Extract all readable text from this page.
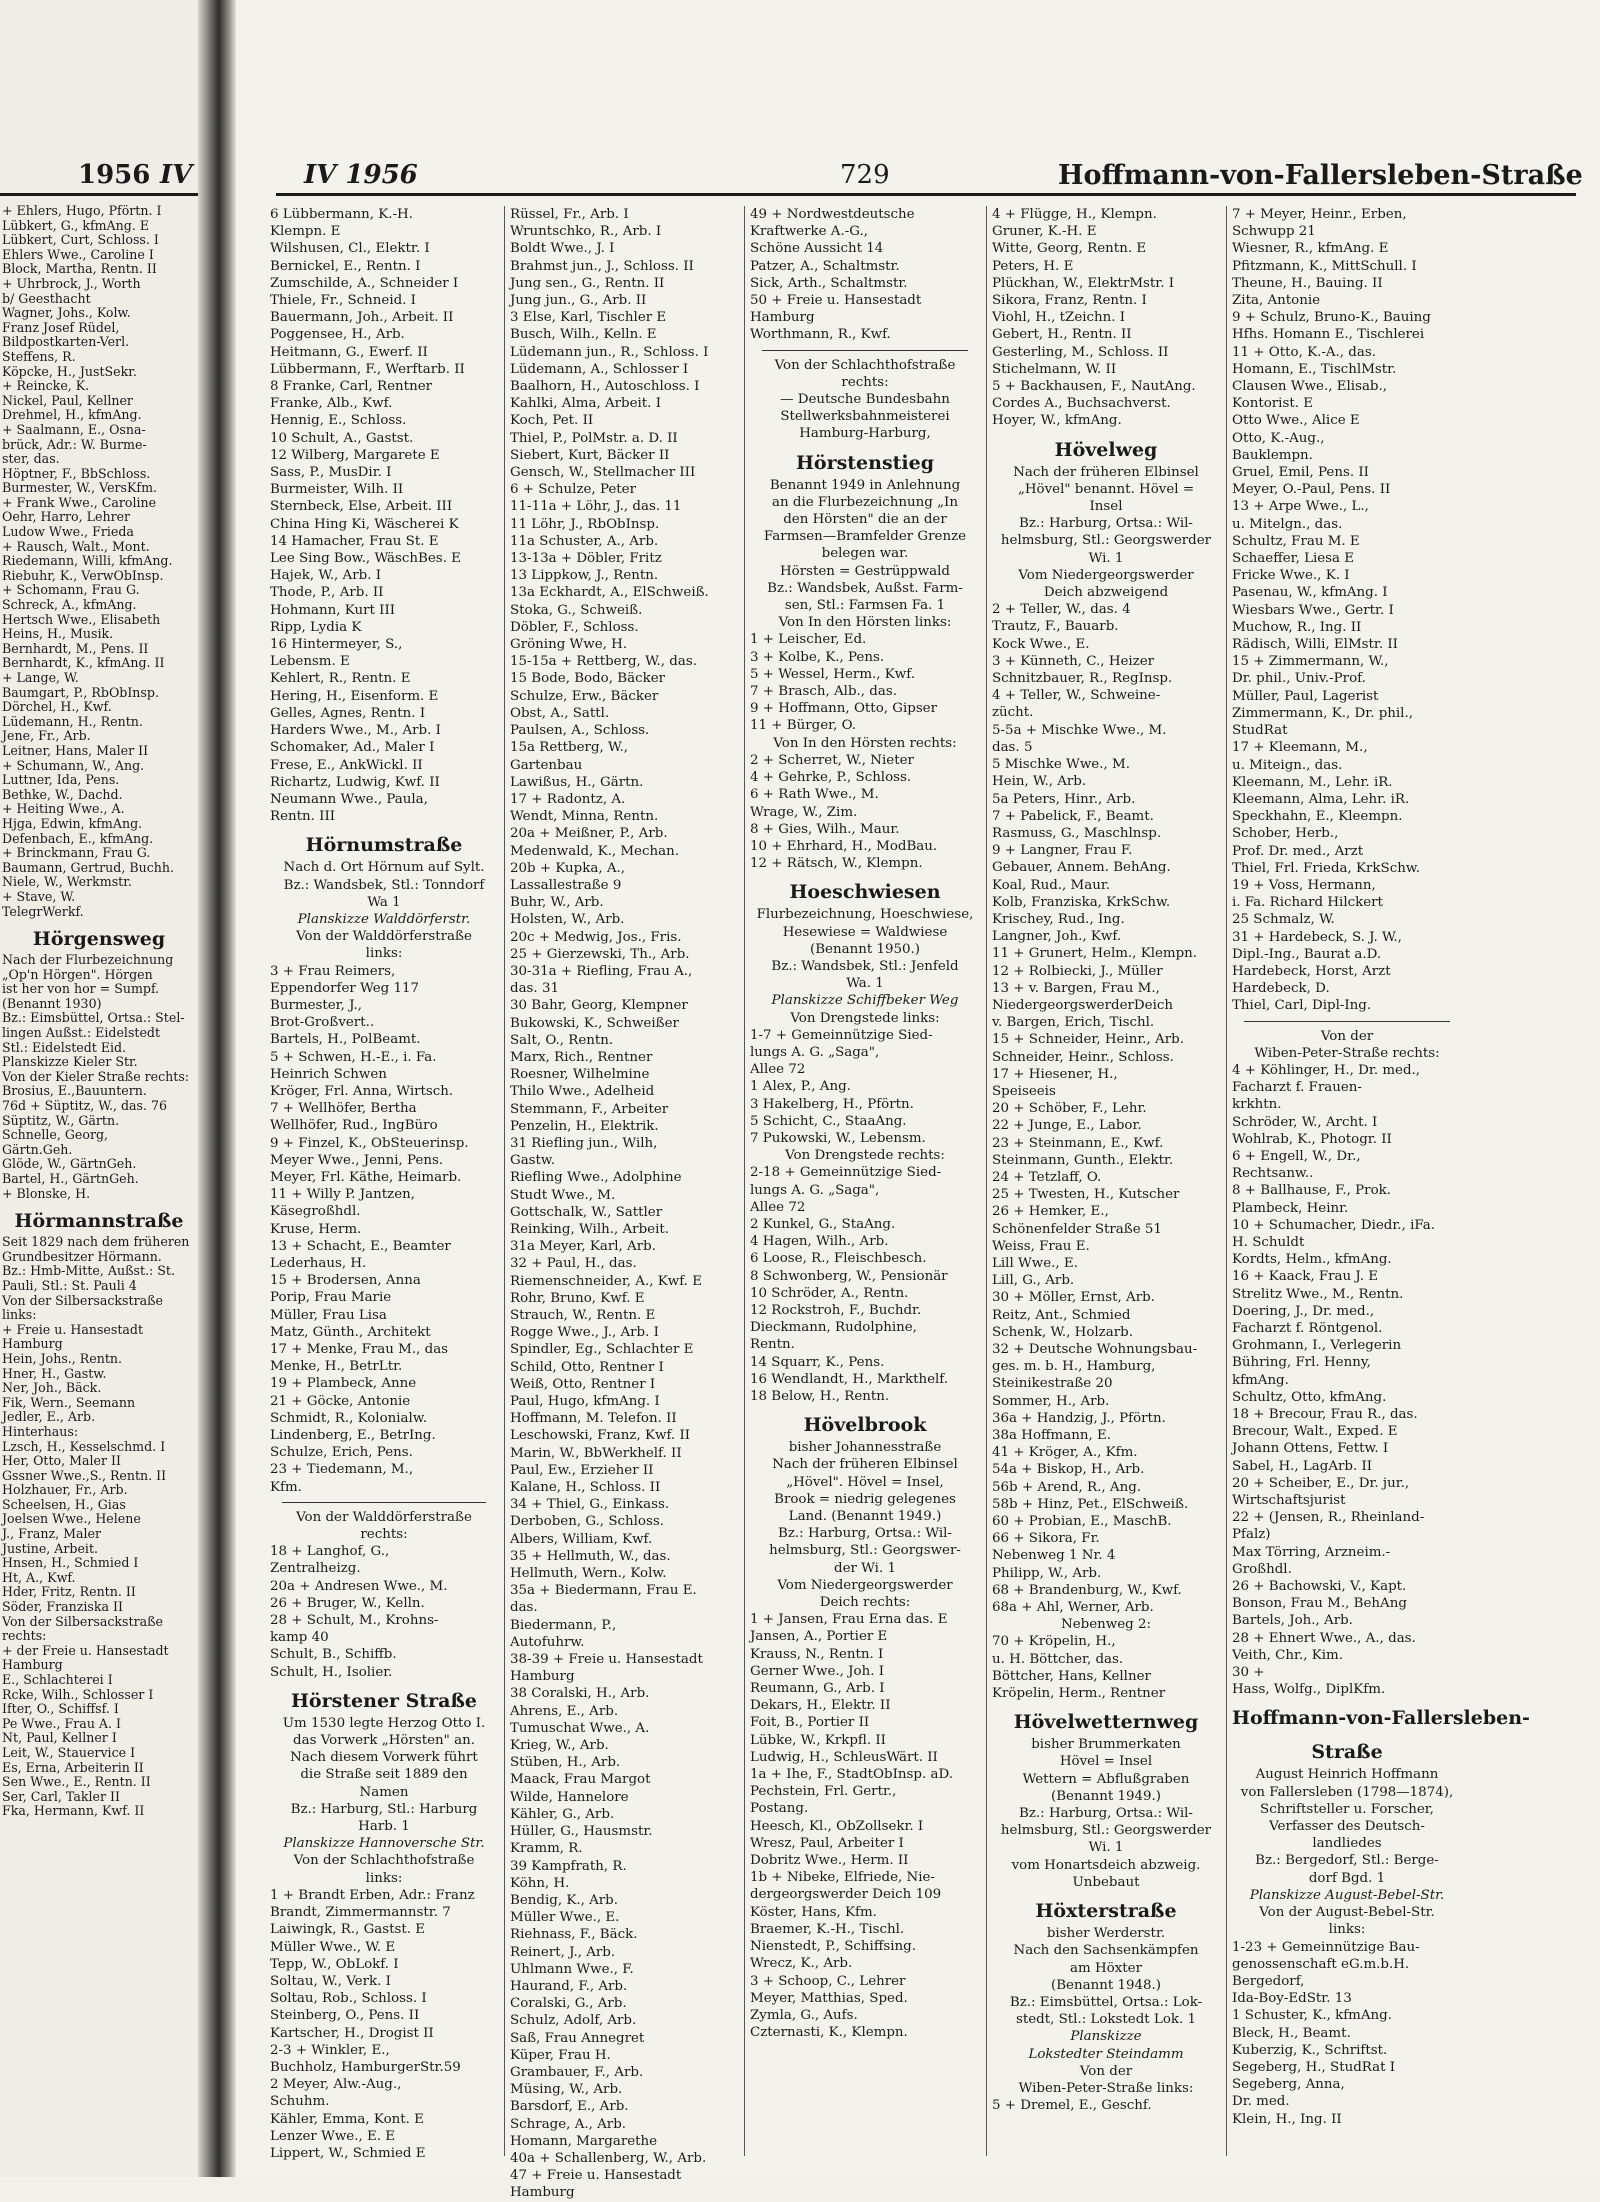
1956 IV

+ Ehlers, Hugo, Pförtn. I

Lübkert, G., kfmAng. E

Lübkert, Curt, Schloss. I

Ehlers Wwe., Caroline I

Block, Martha, Rentn. II

+ Uhrbrock, J., Worth

b/ Geesthacht

Wagner, Johs., Kolw.

Franz Josef Rüdel,

Bildpostkarten-Verl.

Steffens, R.

Köpcke, H., JustSekr.

+ Reincke, K.

Nickel, Paul, Kellner

Drehmel, H., kfmAng.

+ Saalmann, E., Osna-

brück, Adr.: W. Burme-

ster, das.

Höptner, F., BbSchloss.

Burmester, W., VersKfm.

+ Frank Wwe., Caroline

Oehr, Harro, Lehrer

Ludow Wwe., Frieda

+ Rausch, Walt., Mont.

Riedemann, Willi, kfmAng.

Riebuhr, K., VerwObInsp.

+ Schomann, Frau G.

Schreck, A., kfmAng.

Hertsch Wwe., Elisabeth

Heins, H., Musik.

Bernhardt, M., Pens. II

Bernhardt, K., kfmAng. II

+ Lange, W.

Baumgart, P., RbObInsp.

Dörchel, H., Kwf.

Lüdemann, H., Rentn.

Jene, Fr., Arb.

Leitner, Hans, Maler II

+ Schumann, W., Ang.

Luttner, Ida, Pens.

Bethke, W., Dachd.

+ Heiting Wwe., A.

Hjga, Edwin, kfmAng.

Defenbach, E., kfmAng.

+ Brinckmann, Frau G.

Baumann, Gertrud, Buchh.

Niele, W., Werkmstr.

+ Stave, W.

TelegrWerkf.

Hörgensweg

Nach der Flurbezeichnung

„Op'n Hörgen". Hörgen

ist her von hor = Sumpf.

(Benannt 1930)

Bz.: Eimsbüttel, Ortsa.: Stel-

lingen Außst.: Eidelstedt

Stl.: Eidelstedt Eid.

Planskizze Kieler Str.

Von der Kieler Straße rechts:

Brosius, E.,Bauuntern.

76d + Süptitz, W., das. 76

Süptitz, W., Gärtn.

Schnelle, Georg,

Gärtn.Geh.

Glöde, W., GärtnGeh.

Bartel, H., GärtnGeh.

+ Blonske, H.

Hörmannstraße

Seit 1829 nach dem früheren

Grundbesitzer Hörmann.

Bz.: Hmb-Mitte, Außst.: St.

Pauli, Stl.: St. Pauli 4

Von der Silbersackstraße

links:

+ Freie u. Hansestadt

Hamburg

Hein, Johs., Rentn.

Hner, H., Gastw.

Ner, Joh., Bäck.

Fik, Wern., Seemann

Jedler, E., Arb.

Hinterhaus:

Lzsch, H., Kesselschmd. I

Her, Otto, Maler II

Gssner Wwe.,S., Rentn. II

Holzhauer, Fr., Arb.

Scheelsen, H., Gias

Joelsen Wwe., Helene

J., Franz, Maler

Justine, Arbeit.

Hnsen, H., Schmied I

Ht, A., Kwf.

Hder, Fritz, Rentn. II

Söder, Franziska II

Von der Silbersackstraße

rechts:

+ der Freie u. Hansestadt

Hamburg

E., Schlachterei I

Rcke, Wilh., Schlosser I

Ifter, O., Schiffsf. I

Pe Wwe., Frau A. I

Nt, Paul, Kellner I

Leit, W., Stauervice I

Es, Erna, Arbeiterin II

Sen Wwe., E., Rentn. II

Ser, Carl, Takler II

Fka, Hermann, Kwf. II

IV 1956	729	Hoffmann-von-Fallersleben-Straße

6 Lübbermann, K.-H.

Klempn. E

Wilshusen, Cl., Elektr. I

Bernickel, E., Rentn. I

Zumschilde, A., Schneider I

Thiele, Fr., Schneid. I

Bauermann, Joh., Arbeit. II

Poggensee, H., Arb.

Heitmann, G., Ewerf. II

Lübbermann, F., Werftarb. II

8 Franke, Carl, Rentner

Franke, Alb., Kwf.

Hennig, E., Schloss.

10 Schult, A., Gastst.

12 Wilberg, Margarete E

Sass, P., MusDir. I

Burmeister, Wilh. II

Sternbeck, Else, Arbeit. III

China Hing Ki, Wäscherei K

14 Hamacher, Frau St. E

Lee Sing Bow., WäschBes. E

Hajek, W., Arb. I

Thode, P., Arb. II

Hohmann, Kurt III

Ripp, Lydia K

16 Hintermeyer, S.,

Lebensm. E

Kehlert, R., Rentn. E

Hering, H., Eisenform. E

Gelles, Agnes, Rentn. I

Harders Wwe., M., Arb. I

Schomaker, Ad., Maler I

Frese, E., AnkWickl. II

Richartz, Ludwig, Kwf. II

Neumann Wwe., Paula,

Rentn. III

Hörnumstraße

Nach d. Ort Hörnum auf Sylt.

Bz.: Wandsbek, Stl.: Tonndorf

Wa 1

Planskizze Walddörferstr.

Von der Walddörferstraße

links:

3 + Frau Reimers,

Eppendorfer Weg 117

Burmester, J.,

Brot-Großvert..

Bartels, H., PolBeamt.

5 + Schwen, H.-E., i. Fa.

Heinrich Schwen

Kröger, Frl. Anna, Wirtsch.

7 + Wellhöfer, Bertha

Wellhöfer, Rud., IngBüro

9 + Finzel, K., ObSteuerinsp.

Meyer Wwe., Jenni, Pens.

Meyer, Frl. Käthe, Heimarb.

11 + Willy P. Jantzen,

Käsegroßhdl.

Kruse, Herm.

13 + Schacht, E., Beamter

Lederhaus, H.

15 + Brodersen, Anna

Porip, Frau Marie

Müller, Frau Lisa

Matz, Günth., Architekt

17 + Menke, Frau M., das

Menke, H., BetrLtr.

19 + Plambeck, Anne

21 + Göcke, Antonie

Schmidt, R., Kolonialw.

Lindenberg, E., BetrIng.

Schulze, Erich, Pens.

23 + Tiedemann, M.,

Kfm.

Von der Walddörferstraße

rechts:

18 + Langhof, G.,

Zentralheizg.

20a + Andresen Wwe., M.

26 + Bruger, W., Kelln.

28 + Schult, M., Krohns-

kamp 40

Schult, B., Schiffb.

Schult, H., Isolier.

Hörstener Straße

Um 1530 legte Herzog Otto I.

das Vorwerk „Hörsten" an.

Nach diesem Vorwerk führt

die Straße seit 1889 den

Namen

Bz.: Harburg, Stl.: Harburg

Harb. 1

Planskizze Hannoversche Str.

Von der Schlachthofstraße

links:

1 + Brandt Erben, Adr.: Franz

Brandt, Zimmermannstr. 7

Laiwingk, R., Gastst. E

Müller Wwe., W. E

Tepp, W., ObLokf. I

Soltau, W., Verk. I

Soltau, Rob., Schloss. I

Steinberg, O., Pens. II

Kartscher, H., Drogist II

2-3 + Winkler, E.,

Buchholz, HamburgerStr.59

2 Meyer, Alw.-Aug.,

Schuhm.

Kähler, Emma, Kont. E

Lenzer Wwe., E. E

Lippert, W., Schmied E

Rüssel, Fr., Arb. I

Wruntschko, R., Arb. I

Boldt Wwe., J. I

Brahmst jun., J., Schloss. II

Jung sen., G., Rentn. II

Jung jun., G., Arb. II

3 Else, Karl, Tischler E

Busch, Wilh., Kelln. E

Lüdemann jun., R., Schloss. I

Lüdemann, A., Schlosser I

Baalhorn, H., Autoschloss. I

Kahlki, Alma, Arbeit. I

Koch, Pet. II

Thiel, P., PolMstr. a. D. II

Siebert, Kurt, Bäcker II

Gensch, W., Stellmacher III

6 + Schulze, Peter

11-11a + Löhr, J., das. 11

11 Löhr, J., RbObInsp.

11a Schuster, A., Arb.

13-13a + Döbler, Fritz

13 Lippkow, J., Rentn.

13a Eckhardt, A., ElSchweiß.

Stoka, G., Schweiß.

Döbler, F., Schloss.

Gröning Wwe, H.

15-15a + Rettberg, W., das.

15 Bode, Bodo, Bäcker

Schulze, Erw., Bäcker

Obst, A., Sattl.

Paulsen, A., Schloss.

15a Rettberg, W.,

Gartenbau

Lawißus, H., Gärtn.

17 + Radontz, A.

Wendt, Minna, Rentn.

20a + Meißner, P., Arb.

Medenwald, K., Mechan.

20b + Kupka, A.,

Lassallestraße 9

Buhr, W., Arb.

Holsten, W., Arb.

20c + Medwig, Jos., Fris.

25 + Gierzewski, Th., Arb.

30-31a + Riefling, Frau A.,

das. 31

30 Bahr, Georg, Klempner

Bukowski, K., Schweißer

Salt, O., Rentn.

Marx, Rich., Rentner

Roesner, Wilhelmine

Thilo Wwe., Adelheid

Stemmann, F., Arbeiter

Penzelin, H., Elektrik.

31 Riefling jun., Wilh,

Gastw.

Riefling Wwe., Adolphine

Studt Wwe., M.

Gottschalk, W., Sattler

Reinking, Wilh., Arbeit.

31a Meyer, Karl, Arb.

32 + Paul, H., das.

Riemenschneider, A., Kwf. E

Rohr, Bruno, Kwf. E

Strauch, W., Rentn. E

Rogge Wwe., J., Arb. I

Spindler, Eg., Schlachter E

Schild, Otto, Rentner I

Weiß, Otto, Rentner I

Paul, Hugo, kfmAng. I

Hoffmann, M. Telefon. II

Leschowski, Franz, Kwf. II

Marin, W., BbWerkhelf. II

Paul, Ew., Erzieher II

Kalane, H., Schloss. II

34 + Thiel, G., Einkass.

Derboben, G., Schloss.

Albers, William, Kwf.

35 + Hellmuth, W., das.

Hellmuth, Wern., Kolw.

35a + Biedermann, Frau E.

das.

Biedermann, P.,

Autofuhrw.

38-39 + Freie u. Hansestadt

Hamburg

38 Coralski, H., Arb.

Ahrens, E., Arb.

Tumuschat Wwe., A.

Krieg, W., Arb.

Stüben, H., Arb.

Maack, Frau Margot

Wilde, Hannelore

Kähler, G., Arb.

Hüller, G., Hausmstr.

Kramm, R.

39 Kampfrath, R.

Köhn, H.

Bendig, K., Arb.

Müller Wwe., E.

Riehnass, F., Bäck.

Reinert, J., Arb.

Uhlmann Wwe., F.

Haurand, F., Arb.

Coralski, G., Arb.

Schulz, Adolf, Arb.

Saß, Frau Annegret

Küper, Frau H.

Grambauer, F., Arb.

Müsing, W., Arb.

Barsdorf, E., Arb.

Schrage, A., Arb.

Homann, Margarethe

40a + Schallenberg, W., Arb.

47 + Freie u. Hansestadt

Hamburg

49 + Nordwestdeutsche

Kraftwerke A.-G.,

Schöne Aussicht 14

Patzer, A., Schaltmstr.

Sick, Arth., Schaltmstr.

50 + Freie u. Hansestadt

Hamburg

Worthmann, R., Kwf.

Von der Schlachthofstraße

rechts:

— Deutsche Bundesbahn

Stellwerksbahnmeisterei

Hamburg-Harburg,

Hörstenstieg

Benannt 1949 in Anlehnung

an die Flurbezeichnung „In

den Hörsten" die an der

Farmsen—Bramfelder Grenze

belegen war.

Hörsten = Gestrüppwald

Bz.: Wandsbek, Außst. Farm-

sen, Stl.: Farmsen Fa. 1

Von In den Hörsten links:

1 + Leischer, Ed.

3 + Kolbe, K., Pens.

5 + Wessel, Herm., Kwf.

7 + Brasch, Alb., das.

9 + Hoffmann, Otto, Gipser

11 + Bürger, O.

Von In den Hörsten rechts:

2 + Scherret, W., Nieter

4 + Gehrke, P., Schloss.

6 + Rath Wwe., M.

Wrage, W., Zim.

8 + Gies, Wilh., Maur.

10 + Ehrhard, H., ModBau.

12 + Rätsch, W., Klempn.

Hoeschwiesen

Flurbezeichnung, Hoeschwiese,

Hesewiese = Waldwiese

(Benannt 1950.)

Bz.: Wandsbek, Stl.: Jenfeld

Wa. 1

Planskizze Schiffbeker Weg

Von Drengstede links:

1-7 + Gemeinnützige Sied-

lungs A. G. „Saga",

Allee 72

1 Alex, P., Ang.

3 Hakelberg, H., Pförtn.

5 Schicht, C., StaaAng.

7 Pukowski, W., Lebensm.

Von Drengstede rechts:

2-18 + Gemeinnützige Sied-

lungs A. G. „Saga",

Allee 72

2 Kunkel, G., StaAng.

4 Hagen, Wilh., Arb.

6 Loose, R., Fleischbesch.

8 Schwonberg, W., Pensionär

10 Schröder, A., Rentn.

12 Rockstroh, F., Buchdr.

Dieckmann, Rudolphine,

Rentn.

14 Squarr, K., Pens.

16 Wendlandt, H., Markthelf.

18 Below, H., Rentn.

Hövelbrook

bisher Johannesstraße

Nach der früheren Elbinsel

„Hövel". Hövel = Insel,

Brook = niedrig gelegenes

Land. (Benannt 1949.)

Bz.: Harburg, Ortsa.: Wil-

helmsburg, Stl.: Georgswer-

der Wi. 1

Vom Niedergeorgswerder

Deich rechts:

1 + Jansen, Frau Erna das. E

Jansen, A., Portier E

Krauss, N., Rentn. I

Gerner Wwe., Joh. I

Reumann, G., Arb. I

Dekars, H., Elektr. II

Foit, B., Portier II

Lübke, W., Krkpfl. II

Ludwig, H., SchleusWärt. II

1a + Ihe, F., StadtObInsp. aD.

Pechstein, Frl. Gertr.,

Postang.

Heesch, Kl., ObZollsekr. I

Wresz, Paul, Arbeiter I

Dobritz Wwe., Herm. II

1b + Nibeke, Elfriede, Nie-

dergeorgswerder Deich 109

Köster, Hans, Kfm.

Braemer, K.-H., Tischl.

Nienstedt, P., Schiffsing.

Wrecz, K., Arb.

3 + Schoop, C., Lehrer

Meyer, Matthias, Sped.

Zymla, G., Aufs.

Czternasti, K., Klempn.

4 + Flügge, H., Klempn.

Gruner, K.-H. E

Witte, Georg, Rentn. E

Peters, H. E

Plückhan, W., ElektrMstr. I

Sikora, Franz, Rentn. I

Viohl, H., tZeichn. I

Gebert, H., Rentn. II

Gesterling, M., Schloss. II

Stichelmann, W. II

5 + Backhausen, F., NautAng.

Cordes A., Buchsachverst.

Hoyer, W., kfmAng.

Hövelweg

Nach der früheren Elbinsel

„Hövel" benannt. Hövel =

Insel

Bz.: Harburg, Ortsa.: Wil-

helmsburg, Stl.: Georgswerder

Wi. 1

Vom Niedergeorgswerder

Deich abzweigend

2 + Teller, W., das. 4

Trautz, F., Bauarb.

Kock Wwe., E.

3 + Künneth, C., Heizer

Schnitzbauer, R., RegInsp.

4 + Teller, W., Schweine-

zücht.

5-5a + Mischke Wwe., M.

das. 5

5 Mischke Wwe., M.

Hein, W., Arb.

5a Peters, Hinr., Arb.

7 + Pabelick, F., Beamt.

Rasmuss, G., Maschlnsp.

9 + Langner, Frau F.

Gebauer, Annem. BehAng.

Koal, Rud., Maur.

Kolb, Franziska, KrkSchw.

Krischey, Rud., Ing.

Langner, Joh., Kwf.

11 + Grunert, Helm., Klempn.

12 + Rolbiecki, J., Müller

13 + v. Bargen, Frau M.,

NiedergeorgswerderDeich

v. Bargen, Erich, Tischl.

15 + Schneider, Heinr., Arb.

Schneider, Heinr., Schloss.

17 + Hiesener, H.,

Speiseeis

20 + Schöber, F., Lehr.

22 + Junge, E., Labor.

23 + Steinmann, E., Kwf.

Steinmann, Gunth., Elektr.

24 + Tetzlaff, O.

25 + Twesten, H., Kutscher

26 + Hemker, E.,

Schönenfelder Straße 51

Weiss, Frau E.

Lill Wwe., E.

Lill, G., Arb.

30 + Möller, Ernst, Arb.

Reitz, Ant., Schmied

Schenk, W., Holzarb.

32 + Deutsche Wohnungsbau-

ges. m. b. H., Hamburg,

Steinikestraße 20

Sommer, H., Arb.

36a + Handzig, J., Pförtn.

38a Hoffmann, E.

41 + Kröger, A., Kfm.

54a + Biskop, H., Arb.

56b + Arend, R., Ang.

58b + Hinz, Pet., ElSchweiß.

60 + Probian, E., MaschB.

66 + Sikora, Fr.

Nebenweg 1 Nr. 4

Philipp, W., Arb.

68 + Brandenburg, W., Kwf.

68a + Ahl, Werner, Arb.

Nebenweg 2:

70 + Kröpelin, H.,

u. H. Böttcher, das.

Böttcher, Hans, Kellner

Kröpelin, Herm., Rentner

Hövelwetternweg

bisher Brummerkaten

Hövel = Insel

Wettern = Abflußgraben

(Benannt 1949.)

Bz.: Harburg, Ortsa.: Wil-

helmsburg, Stl.: Georgswerder

Wi. 1

vom Honartsdeich abzweig.

Unbebaut

Höxterstraße

bisher Werderstr.

Nach den Sachsenkämpfen

am Höxter

(Benannt 1948.)

Bz.: Eimsbüttel, Ortsa.: Lok-

stedt, Stl.: Lokstedt Lok. 1

Planskizze

Lokstedter Steindamm

Von der

Wiben-Peter-Straße links:

5 + Dremel, E., Geschf.

7 + Meyer, Heinr., Erben,

Schwupp 21

Wiesner, R., kfmAng. E

Pfitzmann, K., MittSchull. I

Theune, H., Bauing. II

Zita, Antonie

9 + Schulz, Bruno-K., Bauing

Hfhs. Homann E., Tischlerei

11 + Otto, K.-A., das.

Homann, E., TischlMstr.

Clausen Wwe., Elisab.,

Kontorist. E

Otto Wwe., Alice E

Otto, K.-Aug.,

Bauklempn.

Gruel, Emil, Pens. II

Meyer, O.-Paul, Pens. II

13 + Arpe Wwe., L.,

u. Mitelgn., das.

Schultz, Frau M. E

Schaeffer, Liesa E

Fricke Wwe., K. I

Pasenau, W., kfmAng. I

Wiesbars Wwe., Gertr. I

Muchow, R., Ing. II

Rädisch, Willi, ElMstr. II

15 + Zimmermann, W.,

Dr. phil., Univ.-Prof.

Müller, Paul, Lagerist

Zimmermann, K., Dr. phil.,

StudRat

17 + Kleemann, M.,

u. Miteign., das.

Kleemann, M., Lehr. iR.

Kleemann, Alma, Lehr. iR.

Speckhahn, E., Kleempn.

Schober, Herb.,

Prof. Dr. med., Arzt

Thiel, Frl. Frieda, KrkSchw.

19 + Voss, Hermann,

i. Fa. Richard Hilckert

25 Schmalz, W.

31 + Hardebeck, S. J. W.,

Dipl.-Ing., Baurat a.D.

Hardebeck, Horst, Arzt

Hardebeck, D.

Thiel, Carl, Dipl-Ing.

Von der

Wiben-Peter-Straße rechts:

4 + Köhlinger, H., Dr. med.,

Facharzt f. Frauen-

krkhtn.

Schröder, W., Archt. I

Wohlrab, K., Photogr. II

6 + Engell, W., Dr.,

Rechtsanw..

8 + Ballhause, F., Prok.

Plambeck, Heinr.

10 + Schumacher, Diedr., iFa.

H. Schuldt

Kordts, Helm., kfmAng.

16 + Kaack, Frau J. E

Strelitz Wwe., M., Rentn.

Doering, J., Dr. med.,

Facharzt f. Röntgenol.

Grohmann, I., Verlegerin

Bühring, Frl. Henny,

kfmAng.

Schultz, Otto, kfmAng.

18 + Brecour, Frau R., das.

Brecour, Walt., Exped. E

Johann Ottens, Fettw. I

Sabel, H., LagArb. II

20 + Scheiber, E., Dr. jur.,

Wirtschaftsjurist

22 + (Jensen, R., Rheinland-

Pfalz)

Max Törring, Arzneim.-

Großhdl.

26 + Bachowski, V., Kapt.

Bonson, Frau M., BehAng

Bartels, Joh., Arb.

28 + Ehnert Wwe., A., das.

Veith, Chr., Kim.

30 +

Hass, Wolfg., DiplKfm.

Hoffmann-von-Fallersleben-

Straße

August Heinrich Hoffmann

von Fallersleben (1798—1874),

Schriftsteller u. Forscher,

Verfasser des Deutsch-

landliedes

Bz.: Bergedorf, Stl.: Berge-

dorf Bgd. 1

Planskizze August-Bebel-Str.

Von der August-Bebel-Str.

links:

1-23 + Gemeinnützige Bau-

genossenschaft eG.m.b.H.

Bergedorf,

Ida-Boy-EdStr. 13

1 Schuster, K., kfmAng.

Bleck, H., Beamt.

Kuberzig, K., Schriftst.

Segeberg, H., StudRat I

Segeberg, Anna,

Dr. med.

Klein, H., Ing. II
